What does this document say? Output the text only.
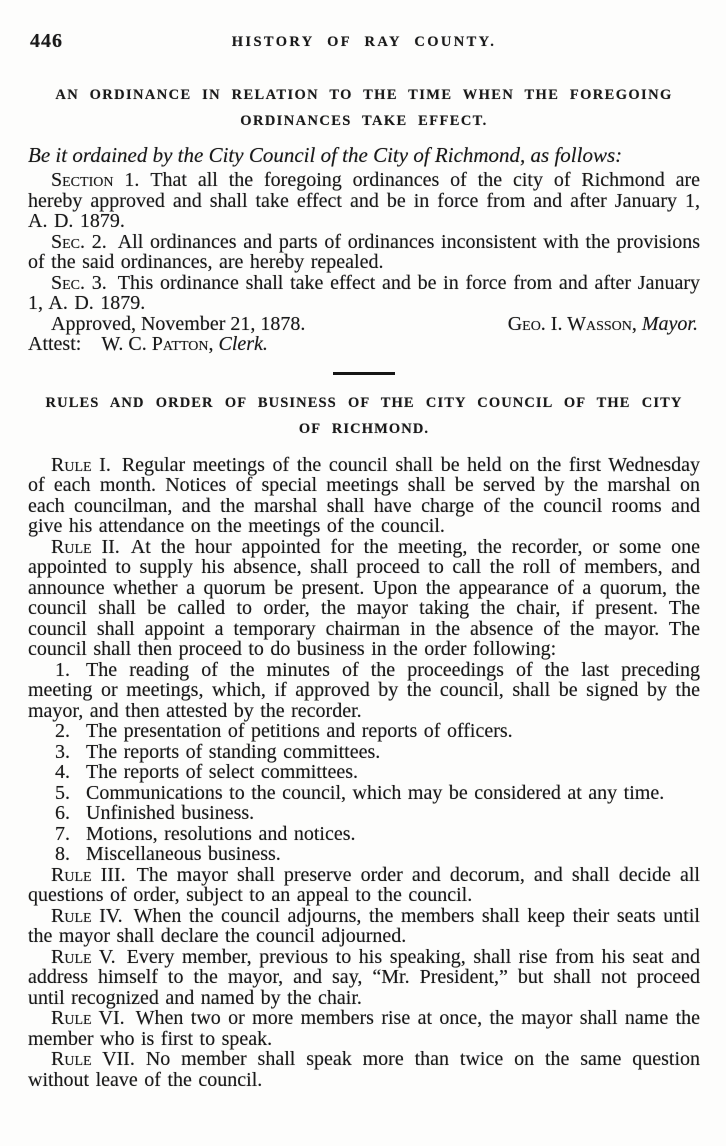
446	HISTORY OF RAY COUNTY.
AN ORDINANCE IN RELATION TO THE TIME WHEN THE FOREGOING
ORDINANCES TAKE EFFECT.

Be it ordained by the City Council of the City of Richmond, as follows:

Section 1. That all the foregoing ordinances of the city of Richmond are hereby approved and shall take effect and be in force from and after January 1, A. D. 1879.

Sec. 2. All ordinances and parts of ordinances inconsistent with the provisions of the said ordinances, are hereby repealed.

Sec. 3. This ordinance shall take effect and be in force from and after January 1, A. D. 1879.

Approved, November 21, 1878.	Geo. I. Wasson, Mayor.

Attest: W. C. Patton, Clerk.

RULES AND ORDER OF BUSINESS OF THE CITY COUNCIL OF THE CITY
OF RICHMOND.

Rule I. Regular meetings of the council shall be held on the first Wednesday of each month. Notices of special meetings shall be served by the marshal on each councilman, and the marshal shall have charge of the council rooms and give his attendance on the meetings of the council.

Rule II. At the hour appointed for the meeting, the recorder, or some one appointed to supply his absence, shall proceed to call the roll of members, and announce whether a quorum be present. Upon the appearance of a quorum, the council shall be called to order, the mayor taking the chair, if present. The council shall appoint a temporary chairman in the absence of the mayor. The council shall then proceed to do business in the order following:

1. The reading of the minutes of the proceedings of the last preceding meeting or meetings, which, if approved by the council, shall be signed by the mayor, and then attested by the recorder.

2. The presentation of petitions and reports of officers.

3. The reports of standing committees.

4. The reports of select committees.

5. Communications to the council, which may be considered at any time.

6. Unfinished business.

7. Motions, resolutions and notices.

8. Miscellaneous business.

Rule III. The mayor shall preserve order and decorum, and shall decide all questions of order, subject to an appeal to the council.

Rule IV. When the council adjourns, the members shall keep their seats until the mayor shall declare the council adjourned.

Rule V. Every member, previous to his speaking, shall rise from his seat and address himself to the mayor, and say, “Mr. President,” but shall not proceed until recognized and named by the chair.

Rule VI. When two or more members rise at once, the mayor shall name the member who is first to speak.

Rule VII. No member shall speak more than twice on the same question without leave of the council.
